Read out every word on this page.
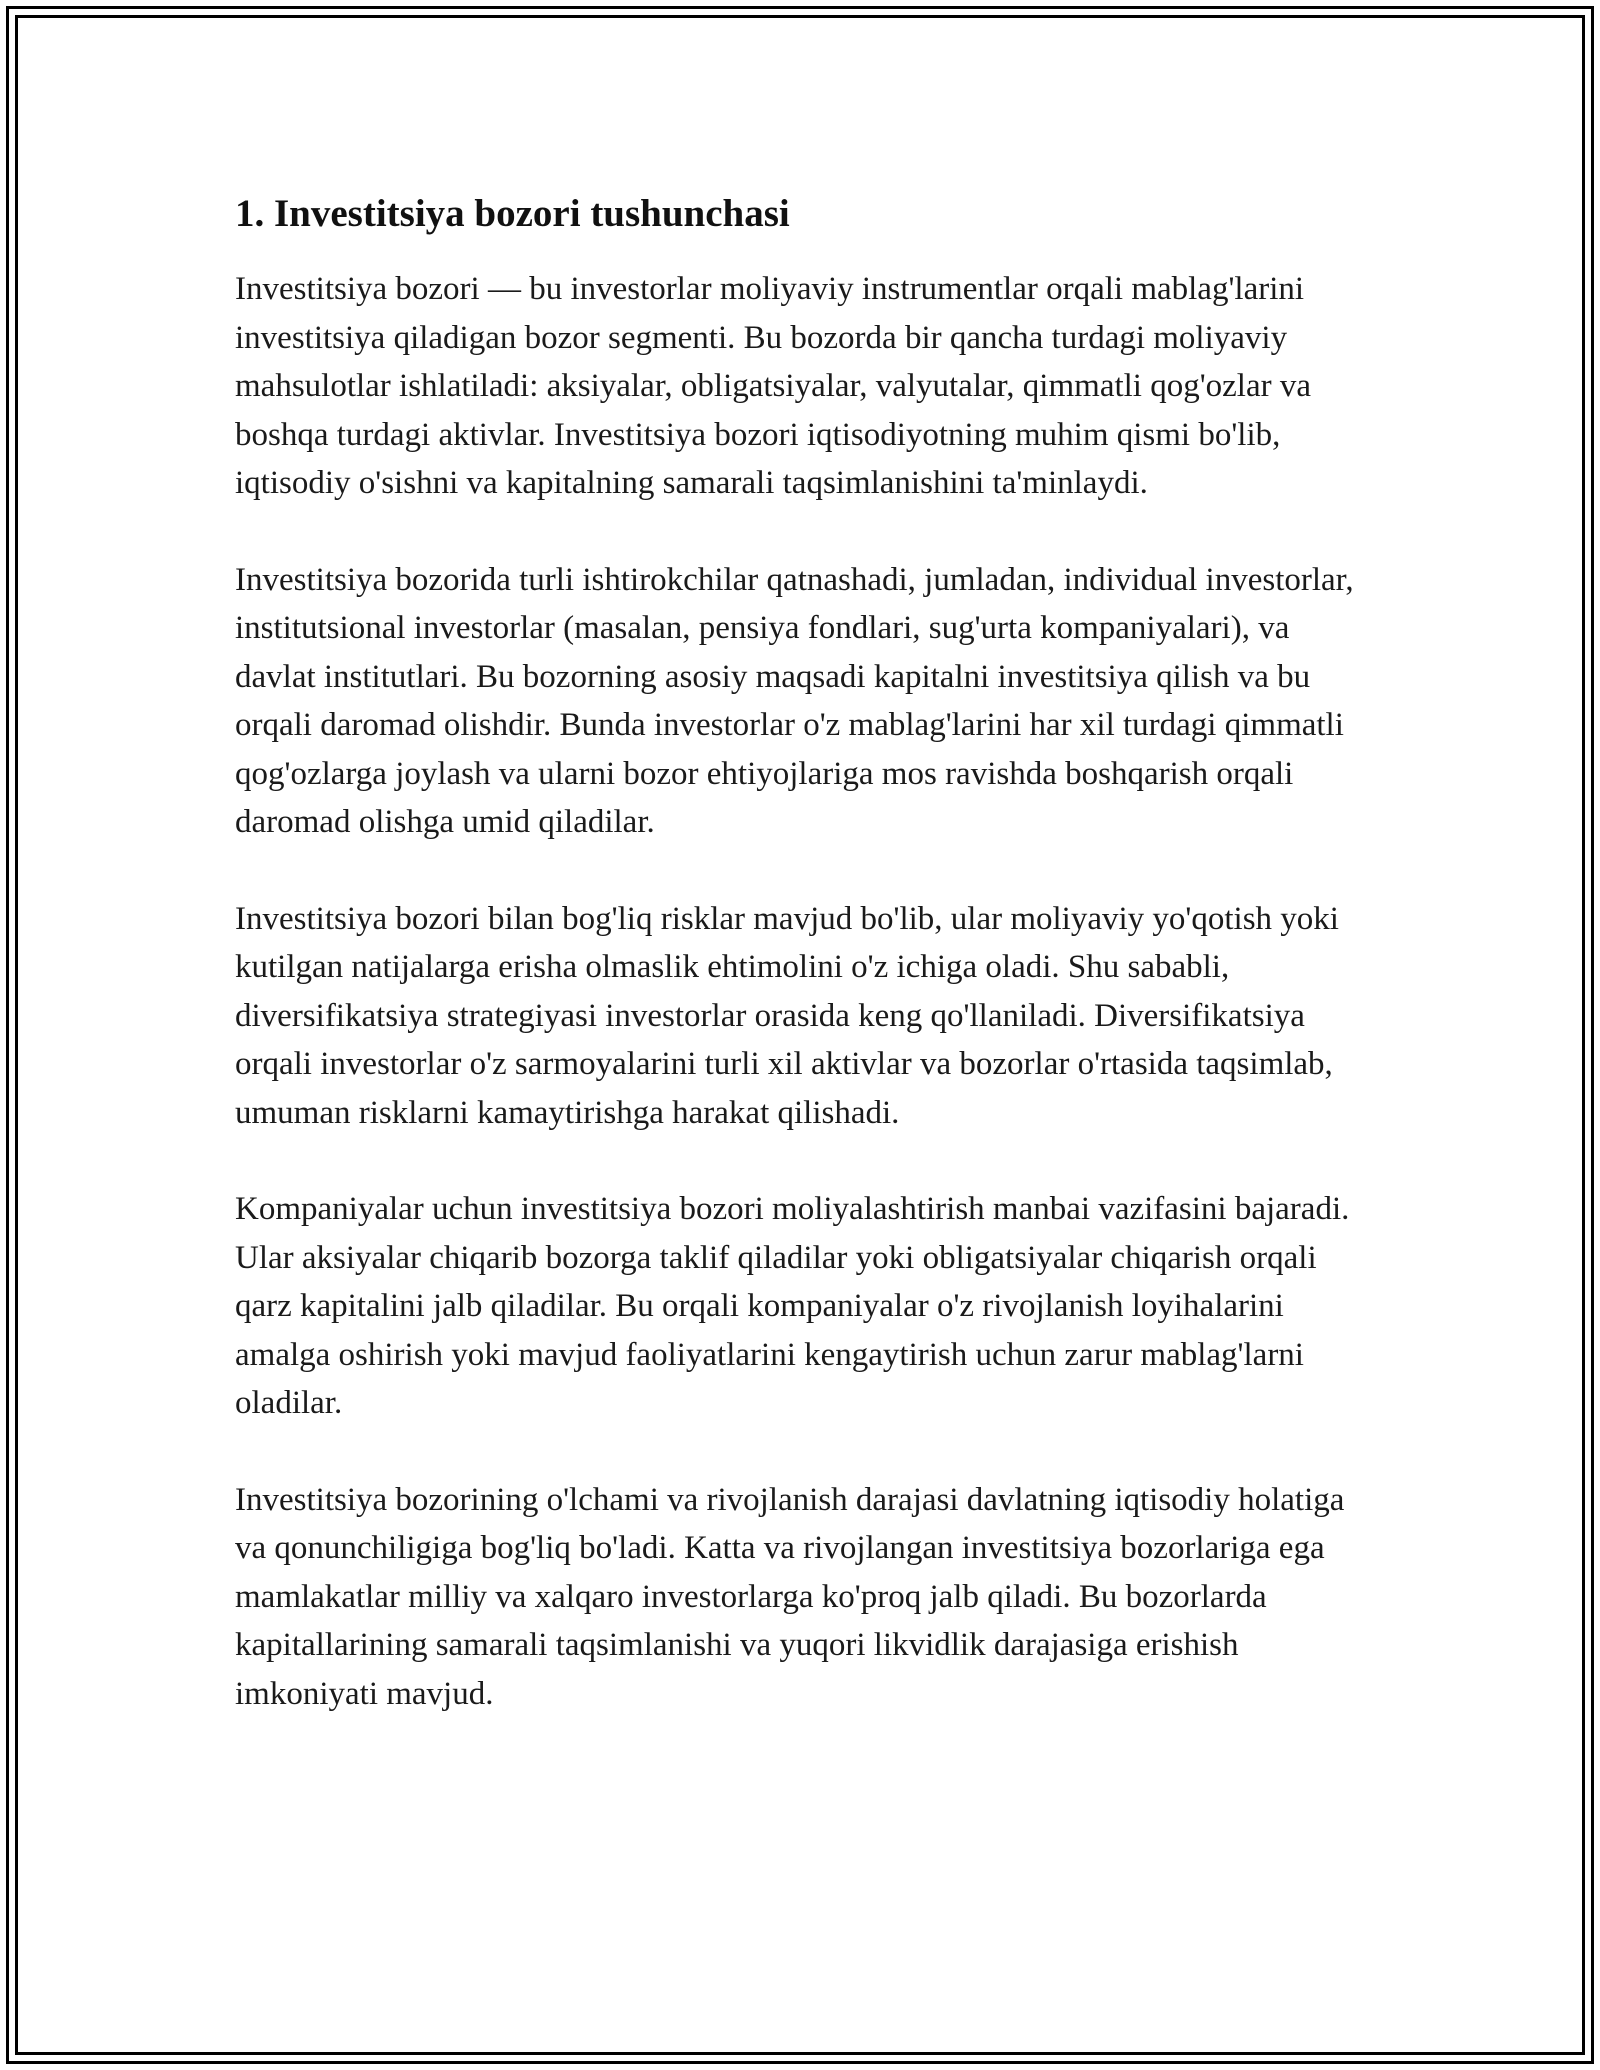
1. Investitsiya bozori tushunchasi

Investitsiya bozori — bu investorlar moliyaviy instrumentlar orqali mablag'larini investitsiya qiladigan bozor segmenti. Bu bozorda bir qancha turdagi moliyaviy mahsulotlar ishlatiladi: aksiyalar, obligatsiyalar, valyutalar, qimmatli qog'ozlar va boshqa turdagi aktivlar. Investitsiya bozori iqtisodiyotning muhim qismi bo'lib, iqtisodiy o'sishni va kapitalning samarali taqsimlanishini ta'minlaydi.

Investitsiya bozorida turli ishtirokchilar qatnashadi, jumladan, individual investorlar, institutsional investorlar (masalan, pensiya fondlari, sug'urta kompaniyalari), va davlat institutlari. Bu bozorning asosiy maqsadi kapitalni investitsiya qilish va bu orqali daromad olishdir. Bunda investorlar o'z mablag'larini har xil turdagi qimmatli qog'ozlarga joylash va ularni bozor ehtiyojlariga mos ravishda boshqarish orqali daromad olishga umid qiladilar.

Investitsiya bozori bilan bog'liq risklar mavjud bo'lib, ular moliyaviy yo'qotish yoki kutilgan natijalarga erisha olmaslik ehtimolini o'z ichiga oladi. Shu sababli, diversifikatsiya strategiyasi investorlar orasida keng qo'llaniladi. Diversifikatsiya orqali investorlar o'z sarmoyalarini turli xil aktivlar va bozorlar o'rtasida taqsimlab, umuman risklarni kamaytirishga harakat qilishadi.

Kompaniyalar uchun investitsiya bozori moliyalashtirish manbai vazifasini bajaradi. Ular aksiyalar chiqarib bozorga taklif qiladilar yoki obligatsiyalar chiqarish orqali qarz kapitalini jalb qiladilar. Bu orqali kompaniyalar o'z rivojlanish loyihalarini amalga oshirish yoki mavjud faoliyatlarini kengaytirish uchun zarur mablag'larni oladilar.

Investitsiya bozorining o'lchami va rivojlanish darajasi davlatning iqtisodiy holatiga va qonunchiligiga bog'liq bo'ladi. Katta va rivojlangan investitsiya bozorlariga ega mamlakatlar milliy va xalqaro investorlarga ko'proq jalb qiladi. Bu bozorlarda kapitallarining samarali taqsimlanishi va yuqori likvidlik darajasiga erishish imkoniyati mavjud.
